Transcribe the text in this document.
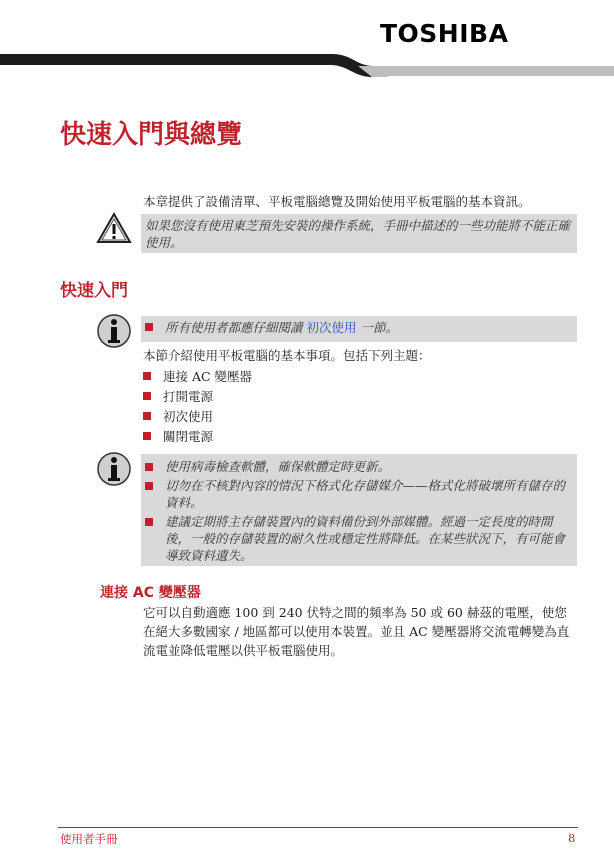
TOSHIBA
快速入門與總覽
本章提供了設備清單、平板電腦總覽及開始使用平板電腦的基本資訊。
如果您沒有使用東芝預先安裝的操作系統，手冊中描述的一些功能將不能正確使用。
快速入門
所有使用者都應仔細閱讀 初次使用 一節。
本節介紹使用平板電腦的基本事項。包括下列主題：
連接 AC 變壓器
打開電源
初次使用
關閉電源
使用病毒檢查軟體，確保軟體定時更新。
切勿在不核對內容的情況下格式化存儲媒介——格式化將破壞所有儲存的資料。
建議定期將主存儲裝置內的資料備份到外部媒體。經過一定長度的時間後，一般的存儲裝置的耐久性或穩定性將降低。在某些狀況下，有可能會導致資料遺失。
連接 AC 變壓器
它可以自動適應 100 到 240 伏特之間的頻率為 50 或 60 赫茲的電壓，使您在絕大多數國家 / 地區都可以使用本裝置。並且 AC 變壓器將交流電轉變為直流電並降低電壓以供平板電腦使用。
使用者手冊	8
